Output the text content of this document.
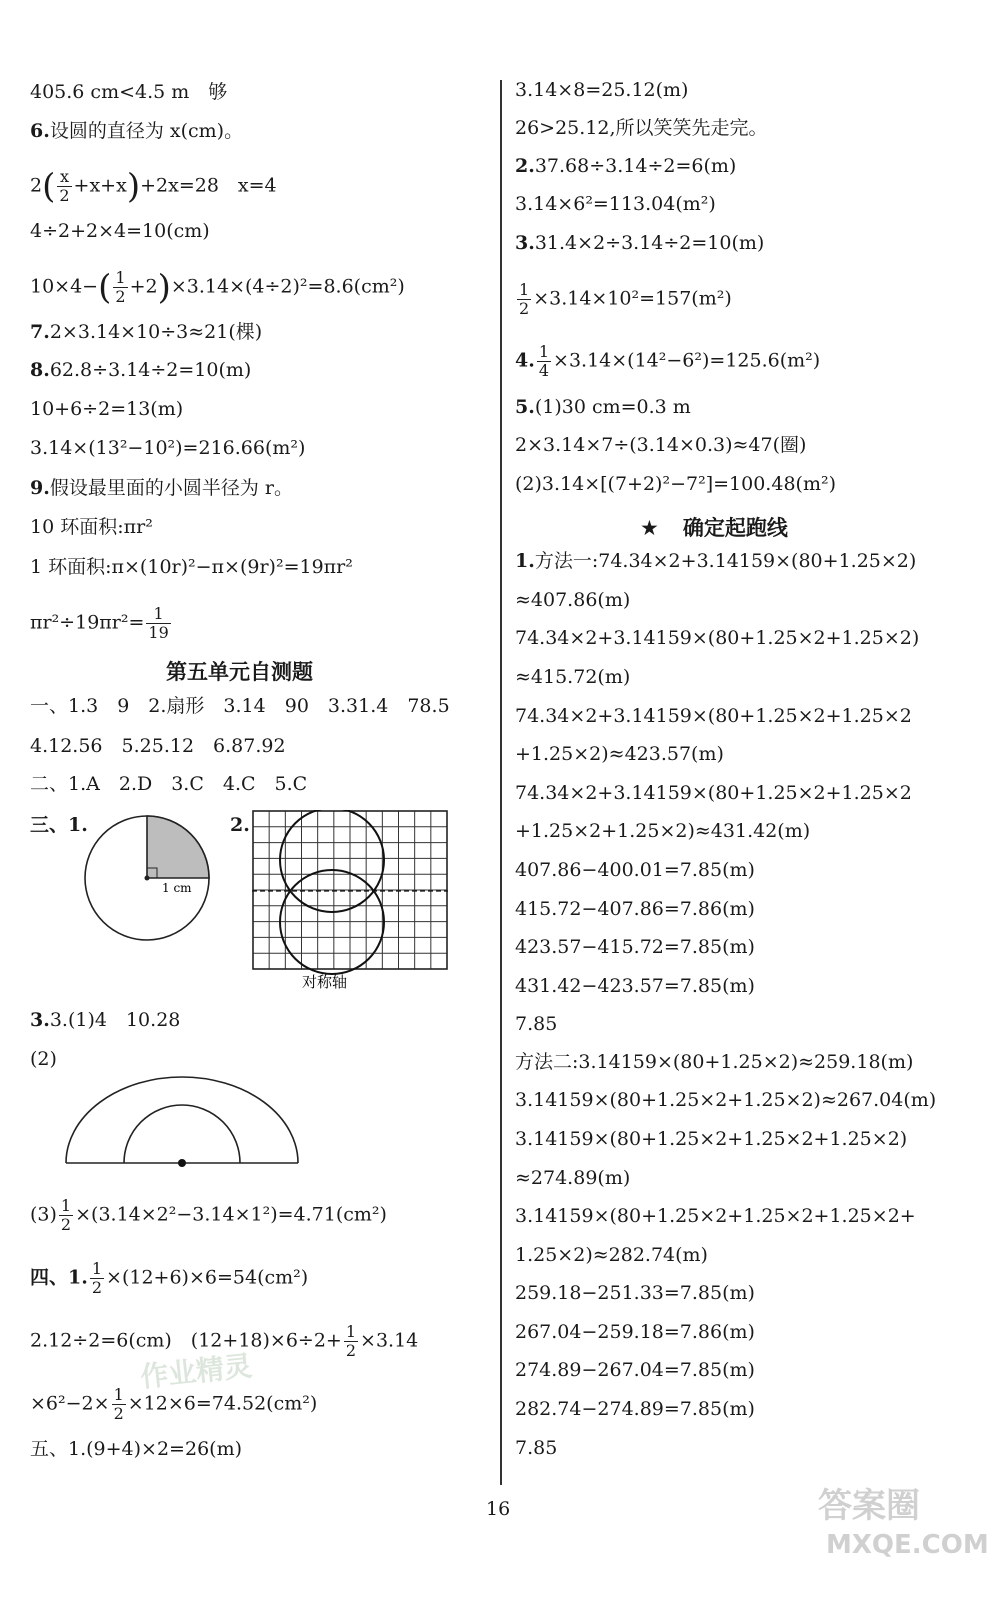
405.6 cm<4.5 m　够
6.设圆的直径为 x(cm)。
$2( \frac{x}{2} +x+x)+2x=28$　x=4
4÷2+2×4=10(cm)
$10\times 4-( \frac{1}{2} +2)\times 3.14\times(4\div 2)^2=8.6(cm^2)$
7.2×3.14×10÷3≈21(棵)
8.62.8÷3.14÷2=10(m)
10+6÷2=13(m)
3.14×(13²−10²)=216.66(m²)
9.假设最里面的小圆半径为 r。
10 环面积:πr²
1 环面积:π×(10r)²−π×(9r)²=19πr²
$\pi r^2\div 19\pi r^2= \frac{1}{19}$
第五单元自测题
一、1.3　9　2.扇形　3.14　90　3.31.4　78.5
4.12.56　5.25.12　6.87.92
二、1.A　2.D　3.C　4.C　5.C
三、1.	2.
1 cm
对称轴
3.3.(1)4　10.28
(2)
$(3) \frac{1}{2} \times(3.14\times 2^2-3.14\times 1^2)=4.71(cm^2)$
四、1. $\frac{1}{2} \times(12+6)\times 6=54(cm^2)$
2.12÷2=6(cm)　$(12+18)\times 6\div 2+ \frac{1}{2} \times 3.14$
$\times 6^2-2\times \frac{1}{2} \times 12\times 6=74.52(cm^2)$
五、1.(9+4)×2=26(m)
3.14×8=25.12(m)
26>25.12,所以笑笑先走完。
2.37.68÷3.14÷2=6(m)
3.14×6²=113.04(m²)
3.31.4×2÷3.14÷2=10(m)
$\frac{1}{2} \times 3.14\times 10^2=157(m^2)$
4. $\frac{1}{4} \times 3.14\times(14^2-6^2)=125.6(m^2)$
5.(1)30 cm=0.3 m
2×3.14×7÷(3.14×0.3)≈47(圈)
(2)3.14×[(7+2)²−7²]=100.48(m²)
★ 确定起跑线
1.方法一:74.34×2+3.14159×(80+1.25×2)
≈407.86(m)
74.34×2+3.14159×(80+1.25×2+1.25×2)
≈415.72(m)
74.34×2+3.14159×(80+1.25×2+1.25×2
+1.25×2)≈423.57(m)
74.34×2+3.14159×(80+1.25×2+1.25×2
+1.25×2+1.25×2)≈431.42(m)
407.86−400.01=7.85(m)
415.72−407.86=7.86(m)
423.57−415.72=7.85(m)
431.42−423.57=7.85(m)
7.85
方法二:3.14159×(80+1.25×2)≈259.18(m)
3.14159×(80+1.25×2+1.25×2)≈267.04(m)
3.14159×(80+1.25×2+1.25×2+1.25×2)
≈274.89(m)
3.14159×(80+1.25×2+1.25×2+1.25×2+
1.25×2)≈282.74(m)
259.18−251.33=7.85(m)
267.04−259.18=7.86(m)
274.89−267.04=7.85(m)
282.74−274.89=7.85(m)
7.85
16
作业精灵
答案圈
MXQE.COM
